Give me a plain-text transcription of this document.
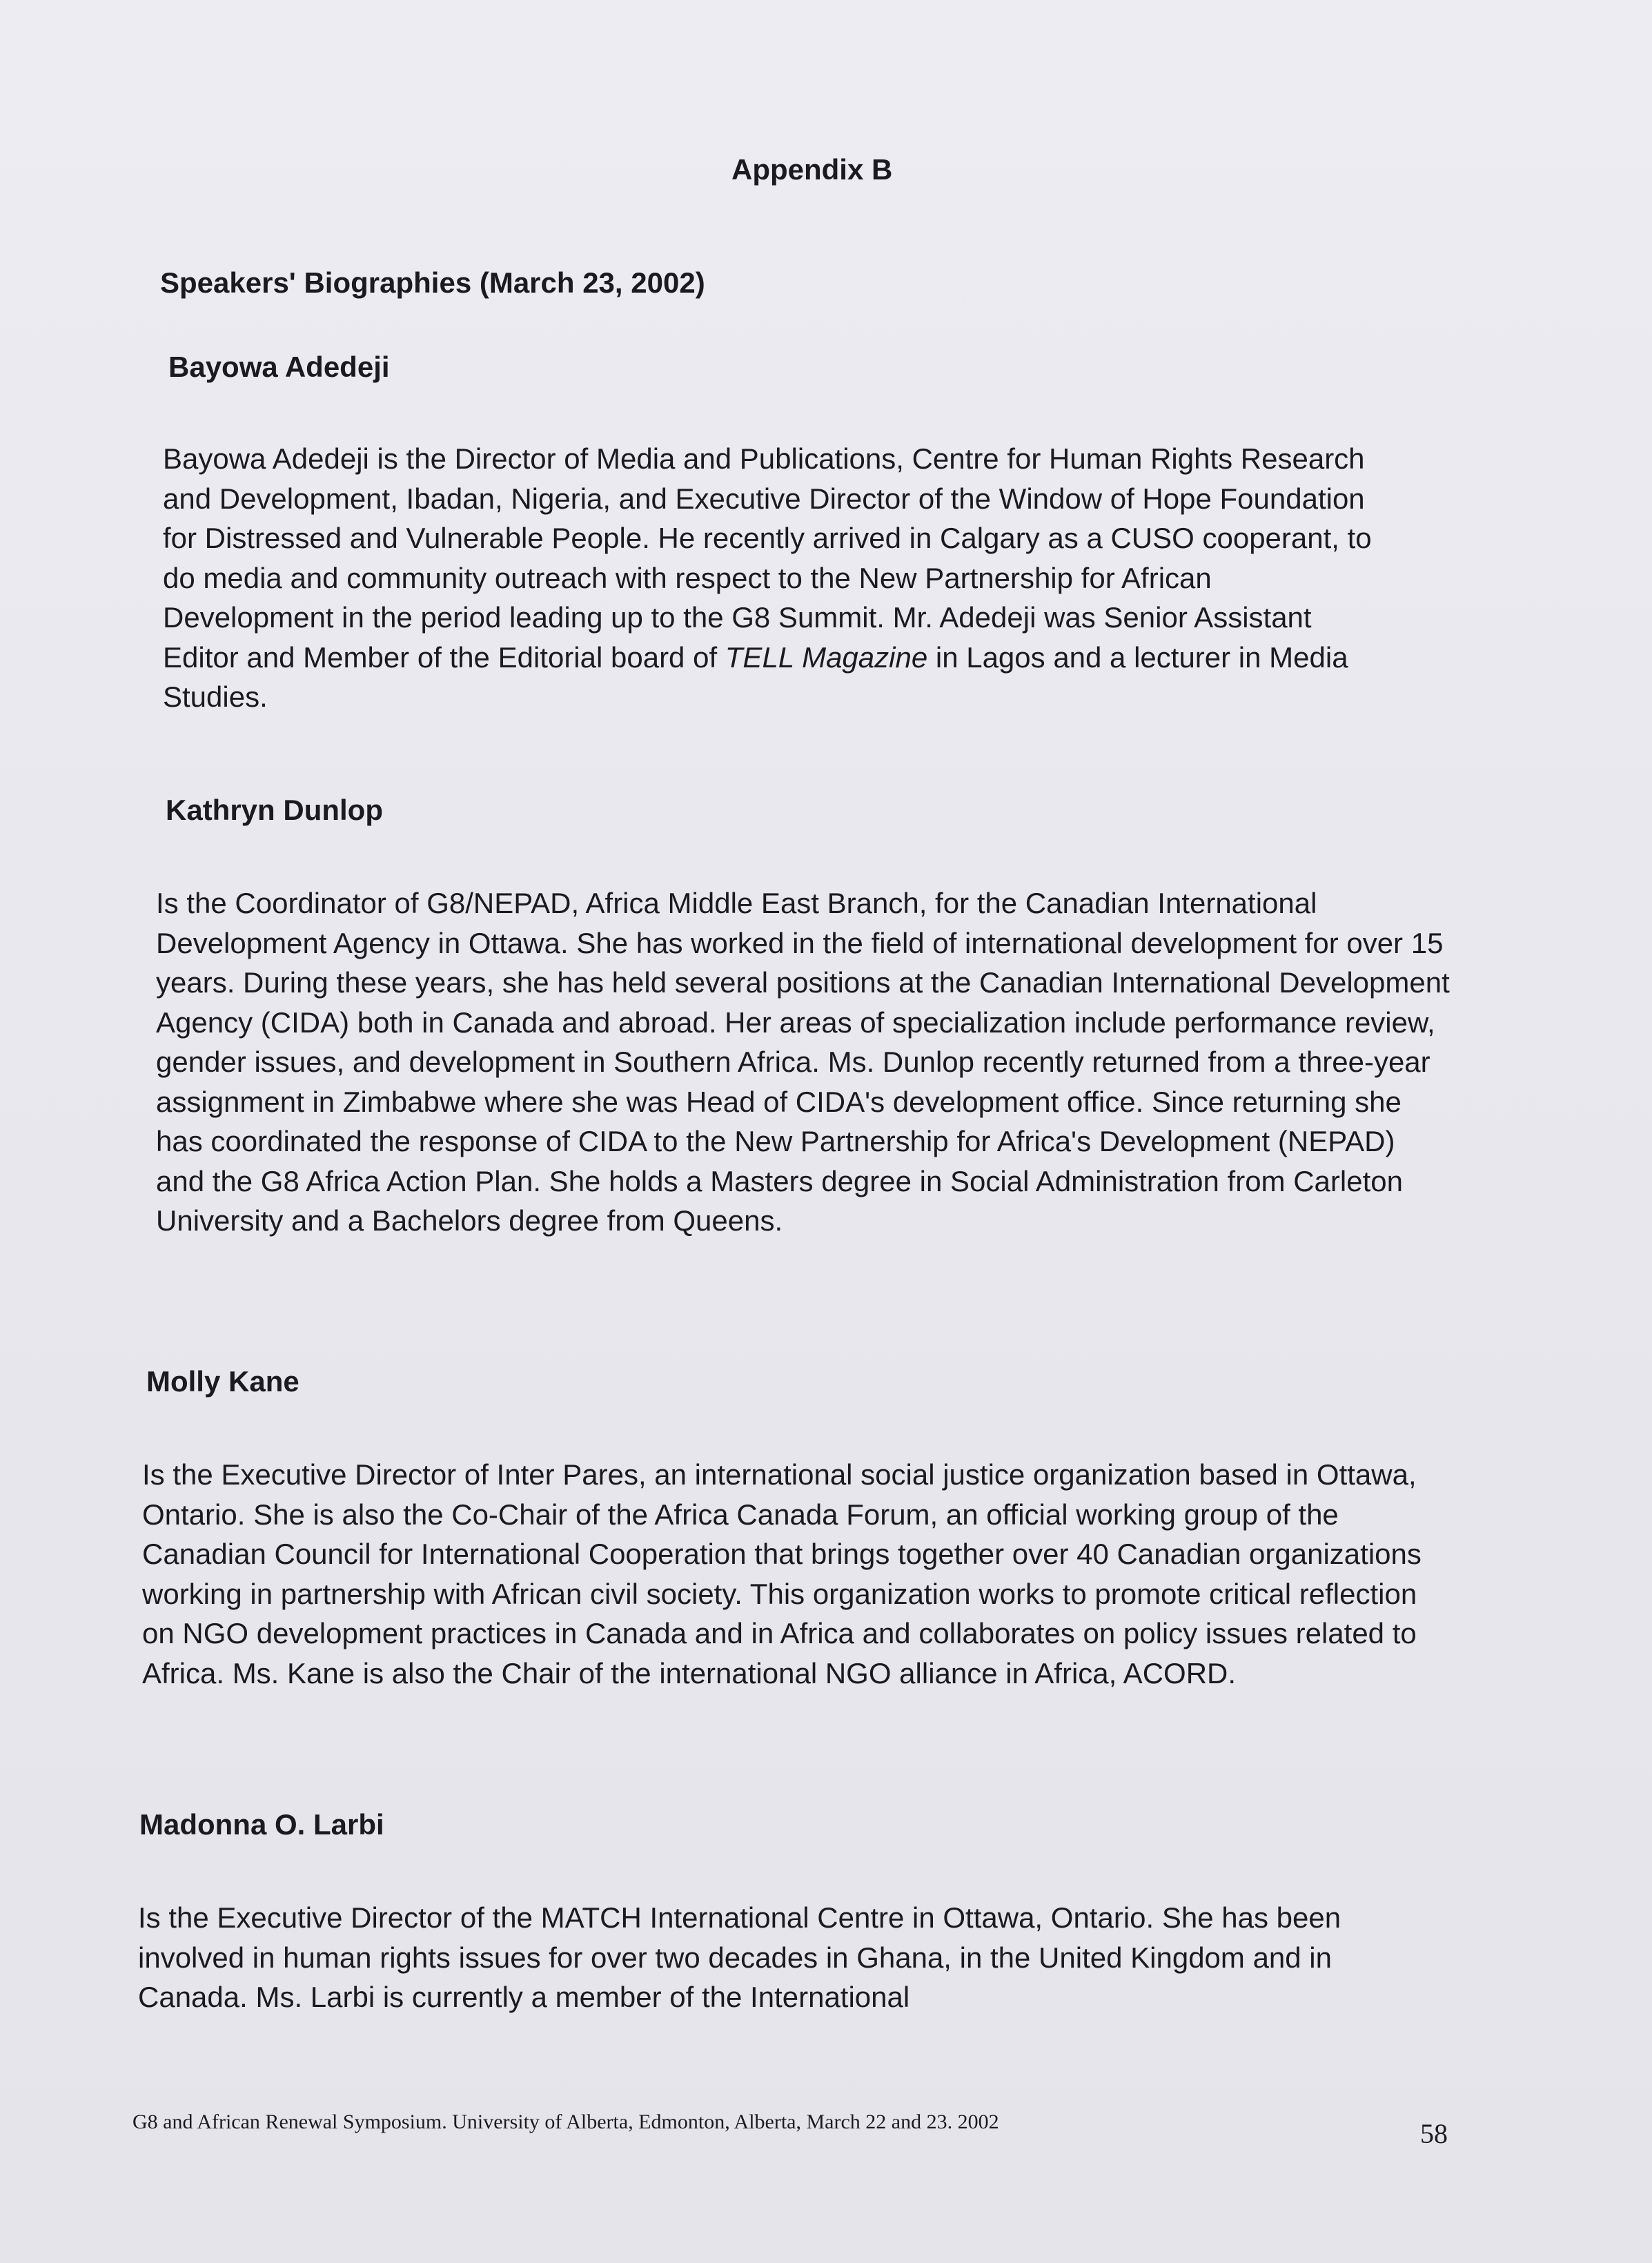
Appendix B
Speakers' Biographies (March 23, 2002)
Bayowa Adedeji

Bayowa Adedeji is the Director of Media and Publications, Centre for Human Rights Research and Development, Ibadan, Nigeria, and Executive Director of the Window of Hope Foundation for Distressed and Vulnerable People. He recently arrived in Calgary as a CUSO cooperant, to do media and community outreach with respect to the New Partnership for African Development in the period leading up to the G8 Summit. Mr. Adedeji was Senior Assistant Editor and Member of the Editorial board of TELL Magazine in Lagos and a lecturer in Media Studies.

Kathryn Dunlop

Is the Coordinator of G8/NEPAD, Africa Middle East Branch, for the Canadian International Development Agency in Ottawa. She has worked in the field of international development for over 15 years. During these years, she has held several positions at the Canadian International Development Agency (CIDA) both in Canada and abroad. Her areas of specialization include performance review, gender issues, and development in Southern Africa. Ms. Dunlop recently returned from a three-year assignment in Zimbabwe where she was Head of CIDA's development office. Since returning she has coordinated the response of CIDA to the New Partnership for Africa's Development (NEPAD) and the G8 Africa Action Plan. She holds a Masters degree in Social Administration from Carleton University and a Bachelors degree from Queens.

Molly Kane

Is the Executive Director of Inter Pares, an international social justice organization based in Ottawa, Ontario. She is also the Co-Chair of the Africa Canada Forum, an official working group of the Canadian Council for International Cooperation that brings together over 40 Canadian organizations working in partnership with African civil society. This organization works to promote critical reflection on NGO development practices in Canada and in Africa and collaborates on policy issues related to Africa. Ms. Kane is also the Chair of the international NGO alliance in Africa, ACORD.

Madonna O. Larbi

Is the Executive Director of the MATCH International Centre in Ottawa, Ontario. She has been involved in human rights issues for over two decades in Ghana, in the United Kingdom and in Canada. Ms. Larbi is currently a member of the International

G8 and African Renewal Symposium. University of Alberta, Edmonton, Alberta, March 22 and 23. 2002	58
